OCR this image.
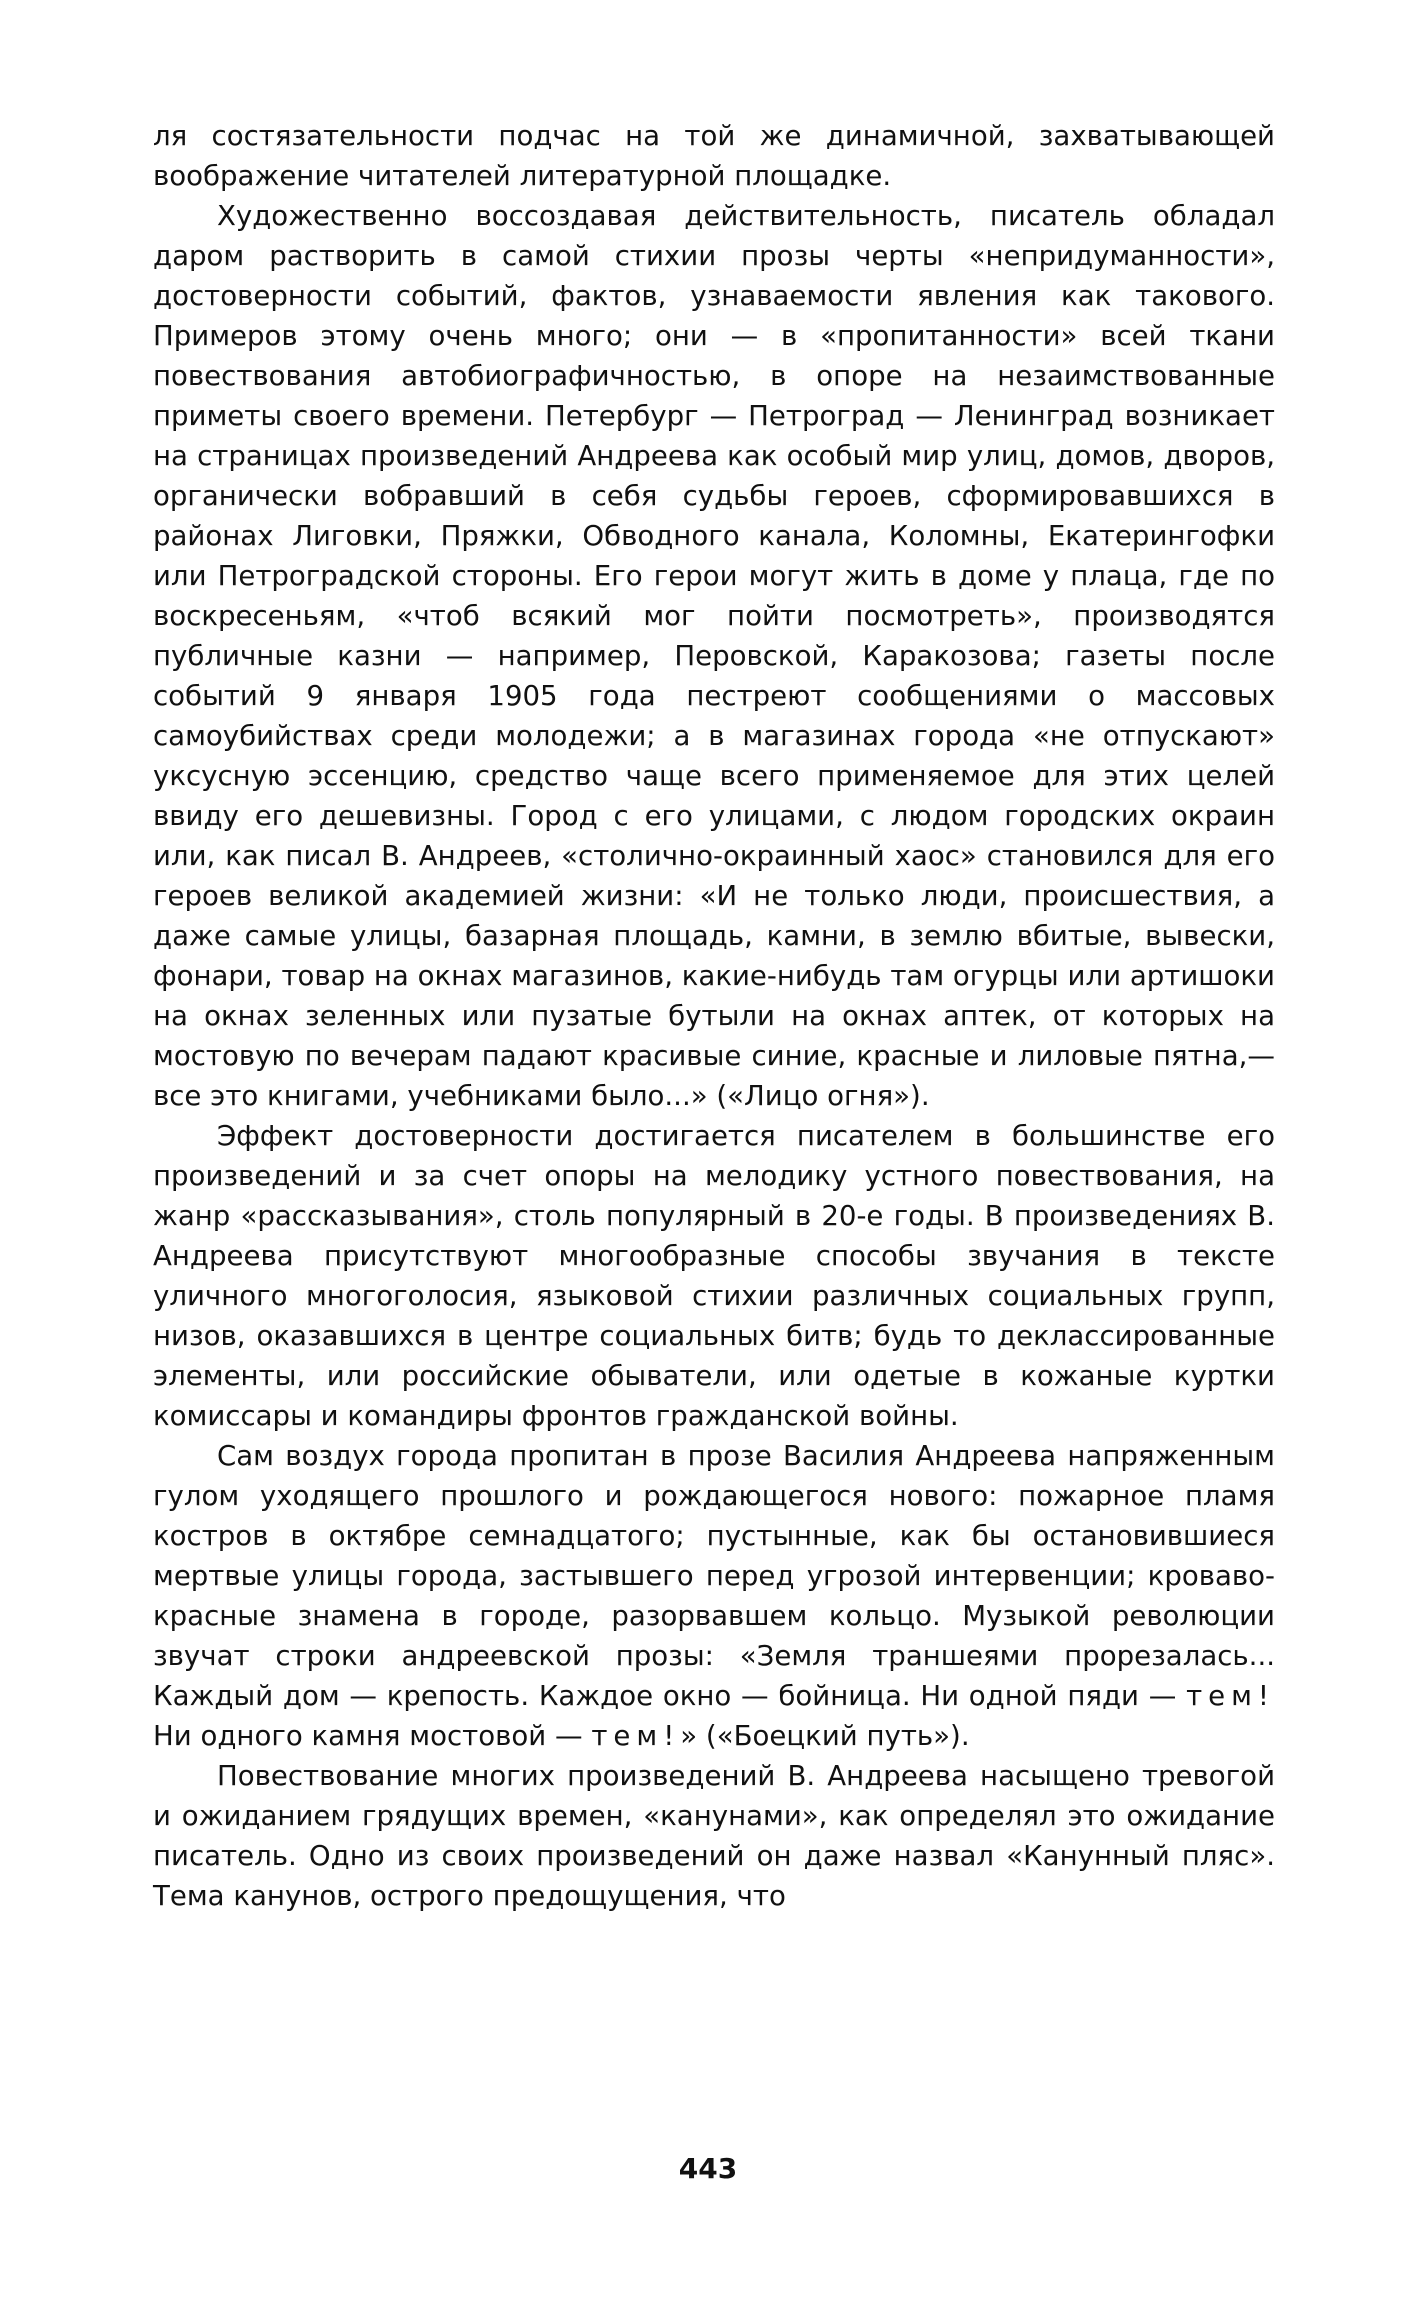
ля состязательности подчас на той же динамичной, захватывающей воображение читателей литературной площадке.

Художественно воссоздавая действительность, писатель обладал даром растворить в самой стихии прозы черты «непридуманности», достоверности событий, фактов, узнаваемости явления как такового. Примеров этому очень много; они — в «пропитанности» всей ткани повествования автобиографичностью, в опоре на незаимствованные приметы своего времени. Петербург — Петроград — Ленинград возникает на страницах произведений Андреева как особый мир улиц, домов, дворов, органически вобравший в себя судьбы героев, сформировавшихся в районах Лиговки, Пряжки, Обводного канала, Коломны, Екатерингофки или Петроградской стороны. Его герои могут жить в доме у плаца, где по воскресеньям, «чтоб всякий мог пойти посмотреть», производятся публичные казни — например, Перовской, Каракозова; газеты после событий 9 января 1905 года пестреют сообщениями о массовых самоубийствах среди молодежи; а в магазинах города «не отпускают» уксусную эссенцию, средство чаще всего применяемое для этих целей ввиду его дешевизны. Город с его улицами, с людом городских окраин или, как писал В. Андреев, «столично-окраинный хаос» становился для его героев великой академией жизни: «И не только люди, происшествия, а даже самые улицы, базарная площадь, камни, в землю вбитые, вывески, фонари, товар на окнах магазинов, какие-нибудь там огурцы или артишоки на окнах зеленных или пузатые бутыли на окнах аптек, от которых на мостовую по вечерам падают красивые синие, красные и лиловые пятна,— все это книгами, учебниками было...» («Лицо огня»).

Эффект достоверности достигается писателем в большинстве его произведений и за счет опоры на мелодику устного повествования, на жанр «рассказывания», столь популярный в 20-е годы. В произведениях В. Андреева присутствуют многообразные способы звучания в тексте уличного многоголосия, языковой стихии различных социальных групп, низов, оказавшихся в центре социальных битв; будь то деклассированные элементы, или российские обыватели, или одетые в кожаные куртки комиссары и командиры фронтов гражданской войны.

Сам воздух города пропитан в прозе Василия Андреева напряженным гулом уходящего прошлого и рождающегося нового: пожарное пламя костров в октябре семнадцатого; пустынные, как бы остановившиеся мертвые улицы города, застывшего перед угрозой интервенции; кроваво-красные знамена в городе, разорвавшем кольцо. Музыкой революции звучат строки андреевской прозы: «Земля траншеями прорезалась... Каждый дом — крепость. Каждое окно — бойница. Ни одной пяди — тем! Ни одного камня мостовой — тем!» («Боецкий путь»).

Повествование многих произведений В. Андреева насыщено тревогой и ожиданием грядущих времен, «канунами», как определял это ожидание писатель. Одно из своих произведений он даже назвал «Канунный пляс». Тема канунов, острого предощущения, что

443
